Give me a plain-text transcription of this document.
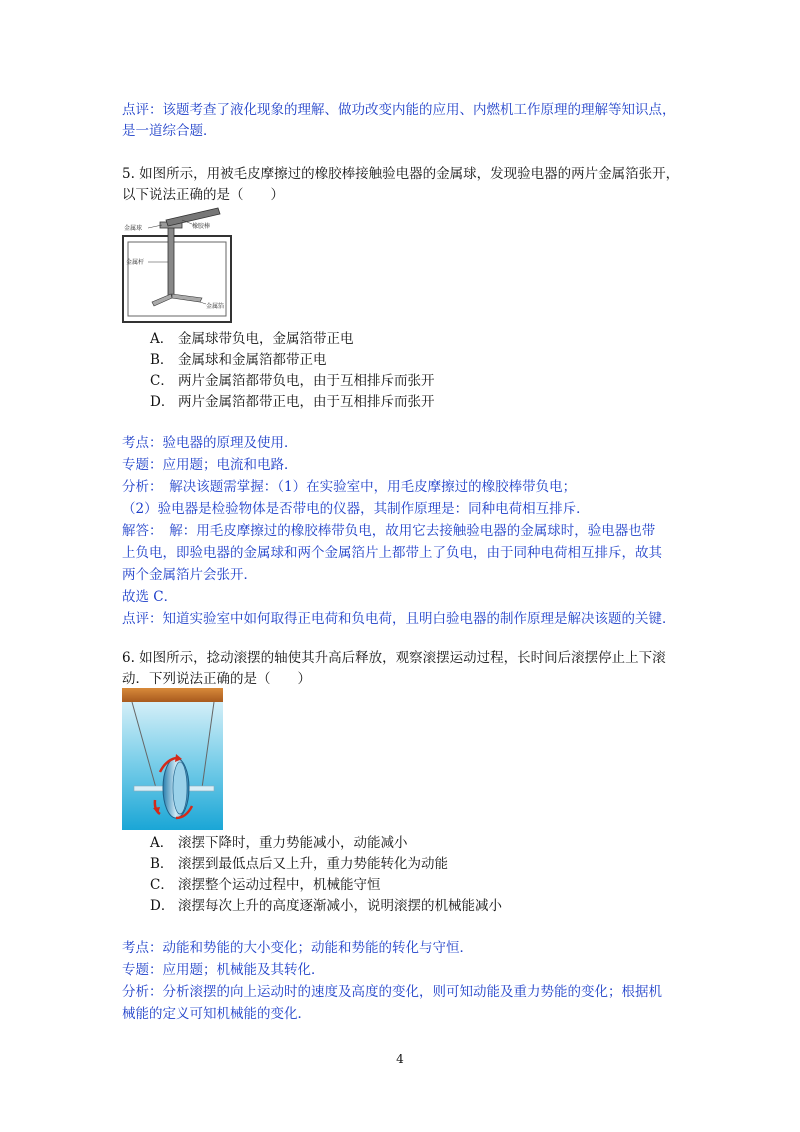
点评：该题考查了液化现象的理解、做功改变内能的应用、内燃机工作原理的理解等知识点，
是一道综合题．
5. 如图所示，用被毛皮摩擦过的橡胶棒接触验电器的金属球，发现验电器的两片金属箔张开，
以下说法正确的是（　　）
金属球	橡胶棒
金属杆
金属箔
A． 金属球带负电，金属箔带正电
B． 金属球和金属箔都带正电
C． 两片金属箔都带负电，由于互相排斥而张开
D． 两片金属箔都带正电，由于互相排斥而张开
考点：验电器的原理及使用．
专题：应用题；电流和电路．
分析：　解决该题需掌握：（1）在实验室中，用毛皮摩擦过的橡胶棒带负电；
（2）验电器是检验物体是否带电的仪器，其制作原理是：同种电荷相互排斥．
解答：　解：用毛皮摩擦过的橡胶棒带负电，故用它去接触验电器的金属球时，验电器也带
上负电，即验电器的金属球和两个金属箔片上都带上了负电，由于同种电荷相互排斥，故其
两个金属箔片会张开．
故选 C．
点评：知道实验室中如何取得正电荷和负电荷，且明白验电器的制作原理是解决该题的关键．
6. 如图所示，捻动滚摆的轴使其升高后释放，观察滚摆运动过程，长时间后滚摆停止上下滚
动．下列说法正确的是（　　）
A． 滚摆下降时，重力势能减小，动能减小
B． 滚摆到最低点后又上升，重力势能转化为动能
C． 滚摆整个运动过程中，机械能守恒
D． 滚摆每次上升的高度逐渐减小，说明滚摆的机械能减小
考点：动能和势能的大小变化；动能和势能的转化与守恒．
专题：应用题；机械能及其转化．
分析：分析滚摆的向上运动时的速度及高度的变化，则可知动能及重力势能的变化；根据机
械能的定义可知机械能的变化．
4
